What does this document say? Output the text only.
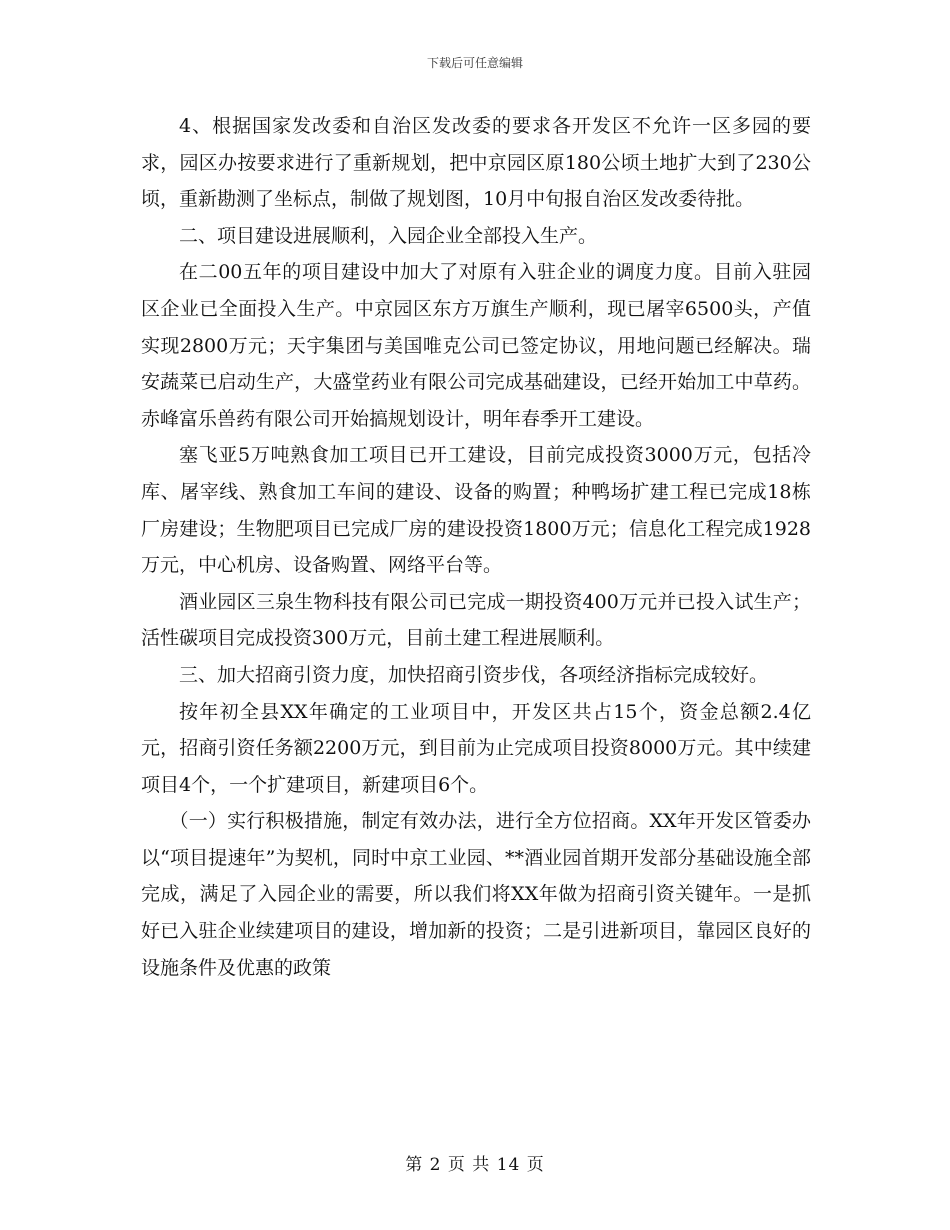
下载后可任意编辑

4、根据国家发改委和自治区发改委的要求各开发区不允许一区多园的要求，园区办按要求进行了重新规划，把中京园区原180公顷土地扩大到了230公顷，重新勘测了坐标点，制做了规划图，10月中旬报自治区发改委待批。

二、项目建设进展顺利，入园企业全部投入生产。

在二00五年的项目建设中加大了对原有入驻企业的调度力度。目前入驻园区企业已全面投入生产。中京园区东方万旗生产顺利，现已屠宰6500头，产值实现2800万元；天宇集团与美国唯克公司已签定协议，用地问题已经解决。瑞安蔬菜已启动生产，大盛堂药业有限公司完成基础建设，已经开始加工中草药。赤峰富乐兽药有限公司开始搞规划设计，明年春季开工建设。

塞飞亚5万吨熟食加工项目已开工建设，目前完成投资3000万元，包括冷库、屠宰线、熟食加工车间的建设、设备的购置；种鸭场扩建工程已完成18栋厂房建设；生物肥项目已完成厂房的建设投资1800万元；信息化工程完成1928万元，中心机房、设备购置、网络平台等。

酒业园区三泉生物科技有限公司已完成一期投资400万元并已投入试生产；活性碳项目完成投资300万元，目前土建工程进展顺利。

三、加大招商引资力度，加快招商引资步伐，各项经济指标完成较好。

按年初全县XX年确定的工业项目中，开发区共占15个，资金总额2.4亿元，招商引资任务额2200万元，到目前为止完成项目投资8000万元。其中续建项目4个，一个扩建项目，新建项目6个。

（一）实行积极措施，制定有效办法，进行全方位招商。XX年开发区管委办以“项目提速年”为契机，同时中京工业园、**酒业园首期开发部分基础设施全部完成，满足了入园企业的需要，所以我们将XX年做为招商引资关键年。一是抓好已入驻企业续建项目的建设，增加新的投资；二是引进新项目，靠园区良好的设施条件及优惠的政策

第 2 页 共 14 页
